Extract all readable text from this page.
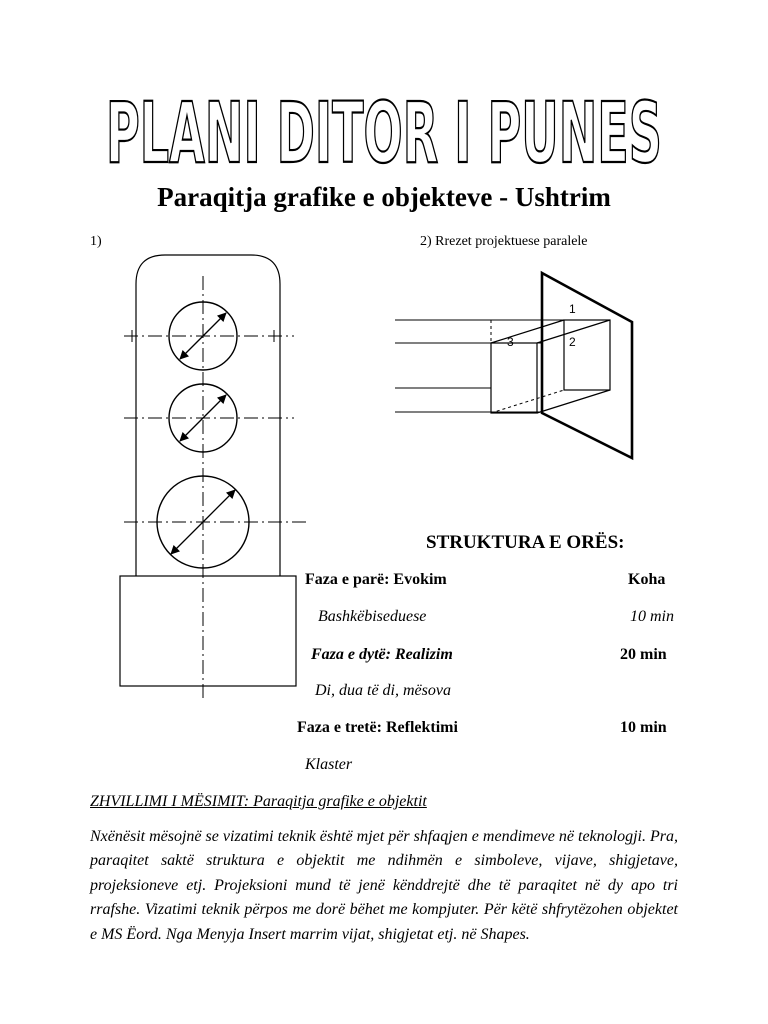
PLANI DITOR I PUNES
Paraqitja grafike e objekteve - Ushtrim
1)	2) Rrezet projektuese paralele
1
2
3
STRUKTURA E ORËS:
Faza e parë: Evokim	Koha
Bashkëbiseduese	10 min
Faza e dytë: Realizim	20 min
Di, dua të di, mësova
Faza e tretë: Reflektimi	10 min
Klaster
ZHVILLIMI I MËSIMIT: Paraqitja grafike e objektit
Nxënësit mësojnë se vizatimi teknik është mjet për shfaqjen e mendimeve në teknologji. Pra, paraqitet saktë struktura e objektit me ndihmën e simboleve, vijave, shigjetave, projeksioneve etj. Projeksioni mund të jenë kënddrejtë dhe të paraqitet në dy apo tri rrafshe. Vizatimi teknik përpos me dorë bëhet me kompjuter. Për këtë shfrytëzohen objektet e MS Ëord. Nga Menyja Insert marrim vijat, shigjetat etj. në Shapes.
